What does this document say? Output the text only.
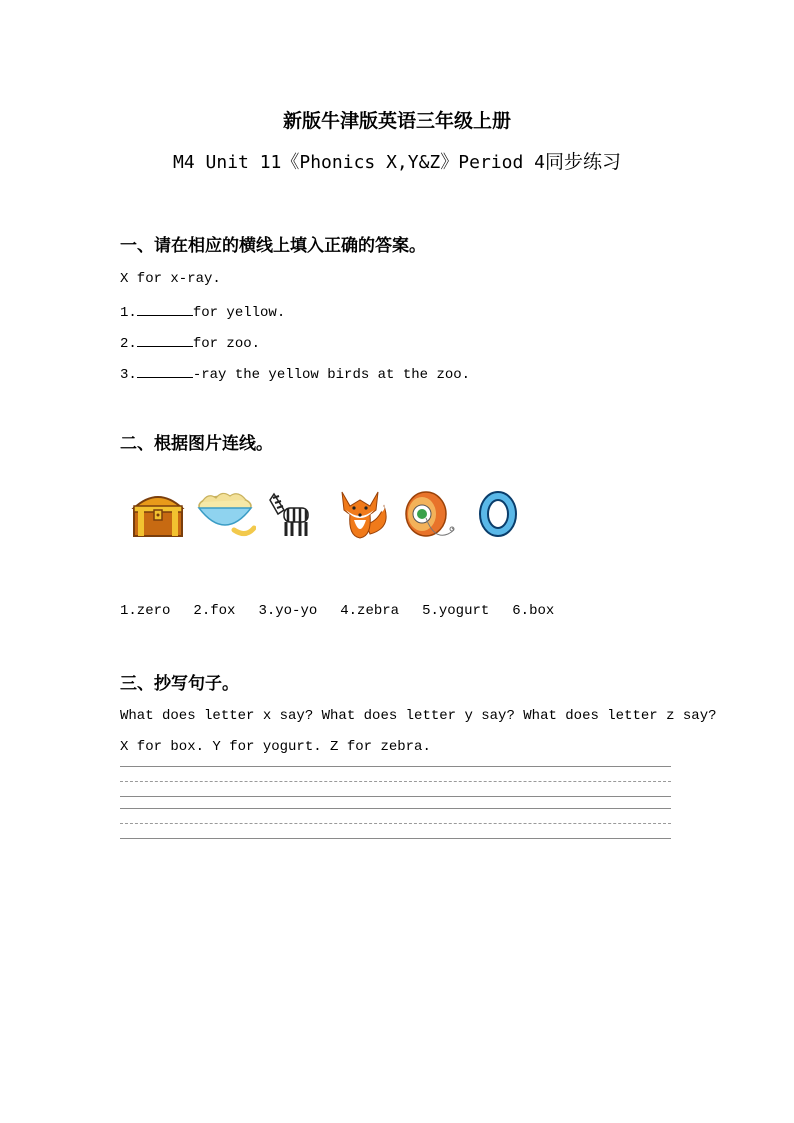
新版牛津版英语三年级上册
M4 Unit 11《Phonics X,Y&Z》Period 4同步练习
一、请在相应的横线上填入正确的答案。
X for x-ray.
1.	for yellow.
2.	for zoo.
3.	-ray the yellow birds at the zoo.
二、根据图片连线。
1.zero 2.fox 3.yo-yo 4.zebra 5.yogurt 6.box
三、抄写句子。
What does letter x say? What does letter y say? What does letter z say?
X for box. Y for yogurt. Z for zebra.
